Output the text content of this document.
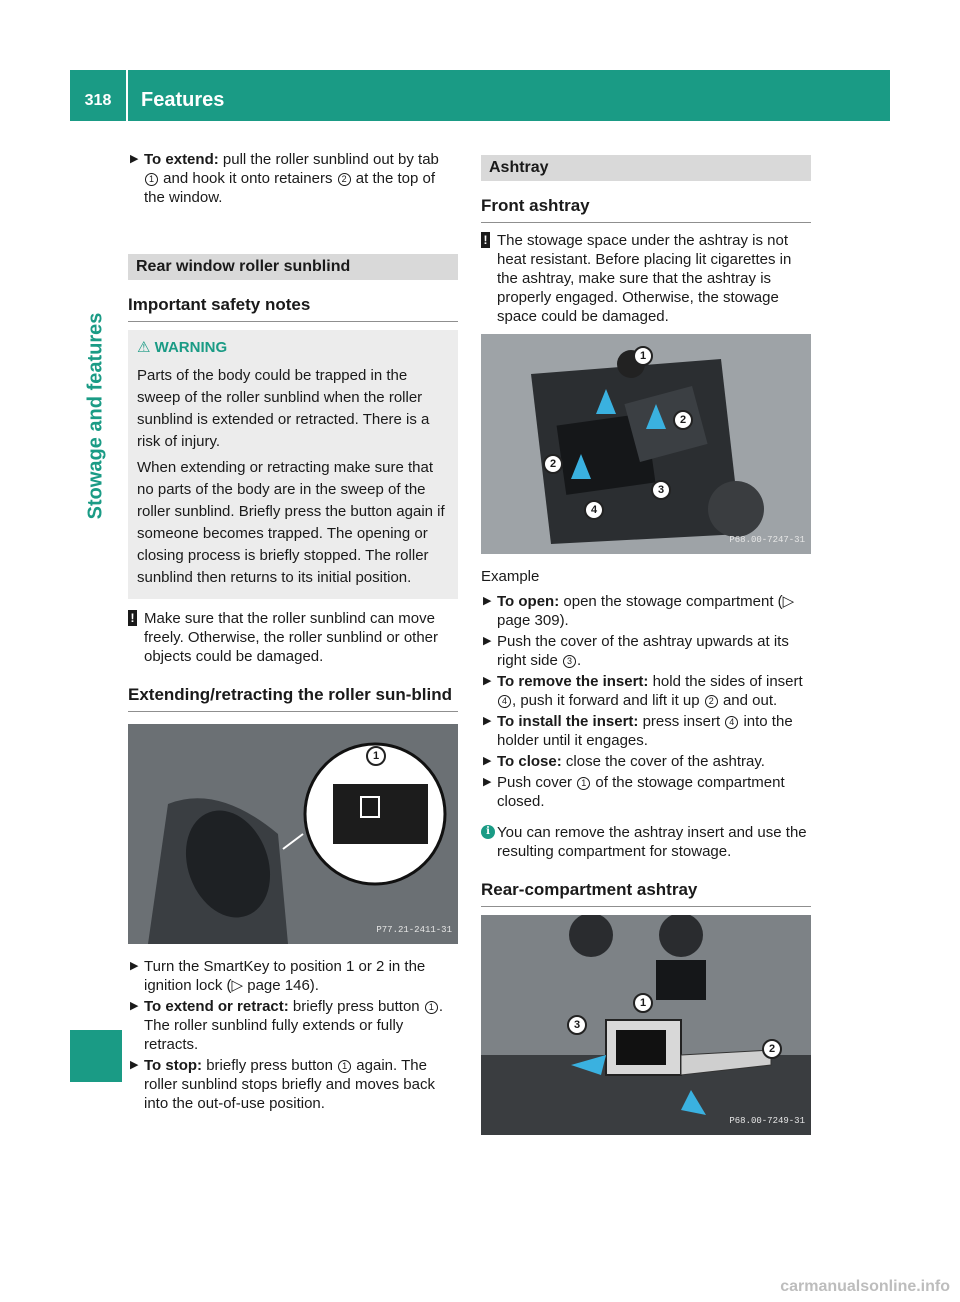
318	Features
Stowage and features

▶ To extend: pull the roller sunblind out by tab 1 and hook it onto retainers 2 at the top of the window.

Rear window roller sunblind
Important safety notes
⚠ WARNING

Parts of the body could be trapped in the sweep of the roller sunblind when the roller sunblind is extended or retracted. There is a risk of injury.

When extending or retracting make sure that no parts of the body are in the sweep of the roller sunblind. Briefly press the button again if someone becomes trapped. The opening or closing process is briefly stopped. The roller sunblind then returns to its initial position.

! Make sure that the roller sunblind can move freely. Otherwise, the roller sunblind or other objects could be damaged.

Extending/retracting the roller sun-blind
1
P77.21-2411-31

▶ Turn the SmartKey to position 1 or 2 in the ignition lock (▷ page 146).

▶ To extend or retract: briefly press button 1 . The roller sunblind fully extends or fully retracts.

▶ To stop: briefly press button 1 again. The roller sunblind stops briefly and moves back into the out-of-use position.

Ashtray
Front ashtray

! The stowage space under the ashtray is not heat resistant. Before placing lit cigarettes in the ashtray, make sure that the ashtray is properly engaged. Otherwise, the stowage space could be damaged.

1
2
2
3
4
P68.00-7247-31

Example

▶ To open: open the stowage compartment (▷ page 309).

▶ Push the cover of the ashtray upwards at its right side 3 .

▶ To remove the insert: hold the sides of insert 4 , push it forward and lift it up 2 and out.

▶ To install the insert: press insert 4 into the holder until it engages.

▶ To close: close the cover of the ashtray.

▶ Push cover 1 of the stowage compartment closed.

i You can remove the ashtray insert and use the resulting compartment for stowage.

Rear-compartment ashtray
1
2
3
P68.00-7249-31
carmanualsonline.info
